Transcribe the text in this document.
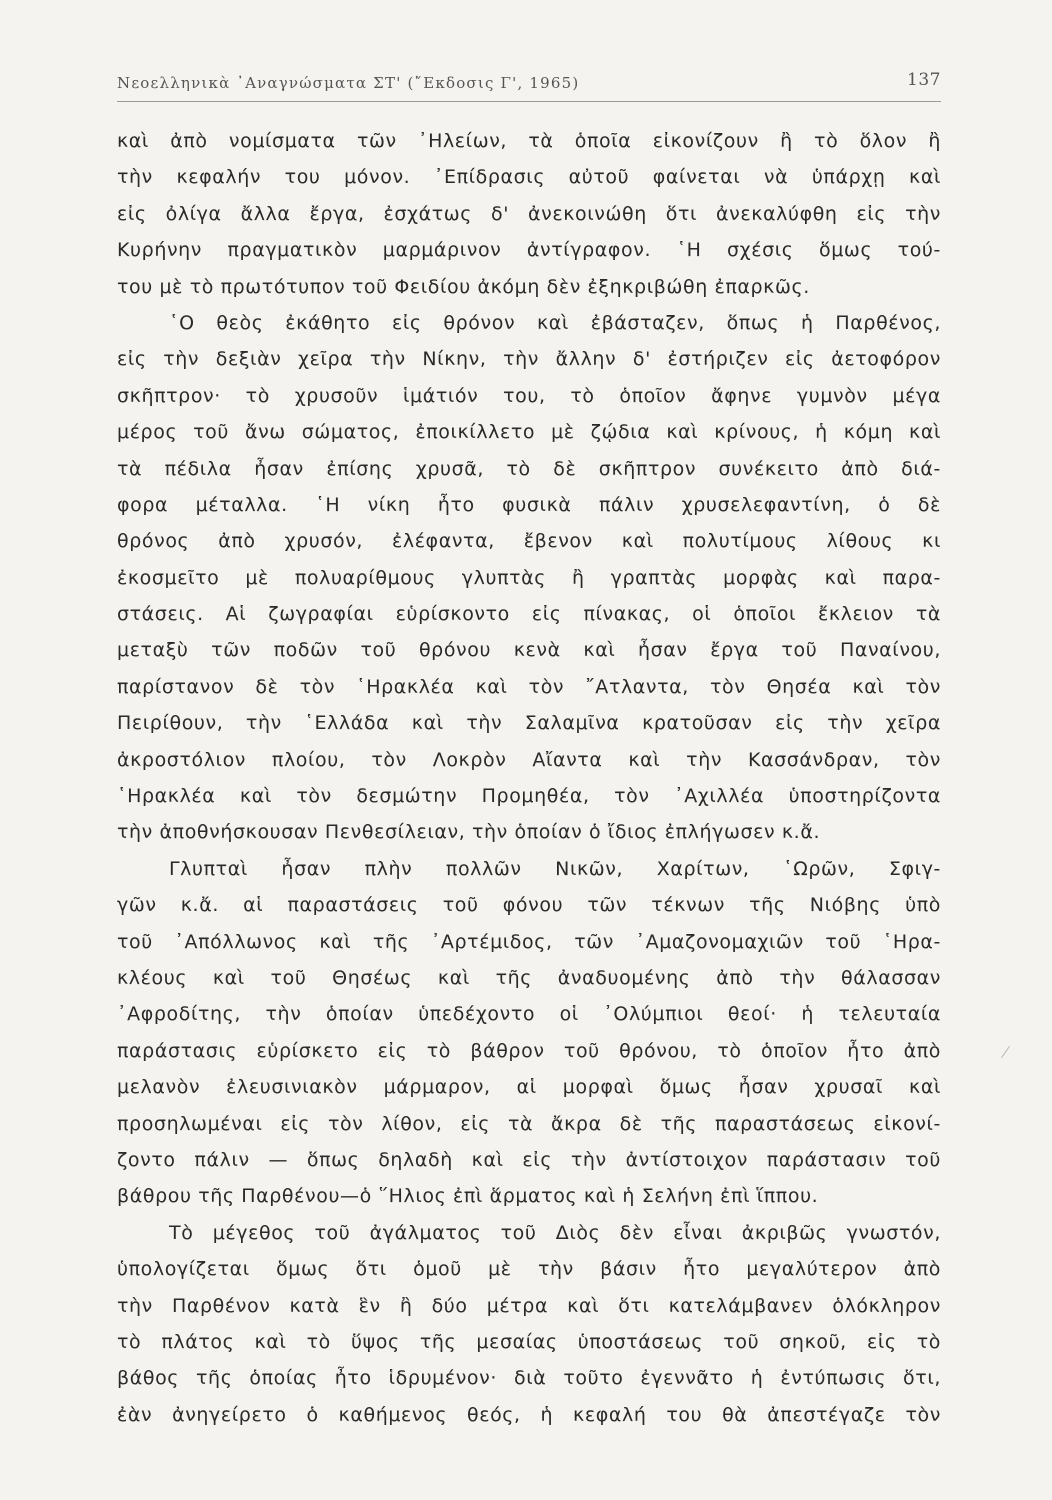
Νεοελληνικὰ ᾿Αναγνώσματα ΣΤ' (῎Εκδοσις Γ', 1965)	137
καὶ ἀπὸ νομίσματα τῶν ᾿Ηλείων, τὰ ὁποῖα εἰκονίζουν ἢ τὸ ὅλον ἢ
τὴν κεφαλήν του μόνον. ᾿Επίδρασις αὐτοῦ φαίνεται νὰ ὑπάρχῃ καὶ
εἰς ὀλίγα ἄλλα ἔργα, ἐσχάτως δ' ἀνεκοινώθη ὅτι ἀνεκαλύφθη εἰς τὴν
Κυρήνην πραγματικὸν μαρμάρινον ἀντίγραφον. ῾Η σχέσις ὅμως τού-
του μὲ τὸ πρωτότυπον τοῦ Φειδίου ἀκόμη δὲν ἐξηκριβώθη ἐπαρκῶς.
῾Ο θεὸς ἐκάθητο εἰς θρόνον καὶ ἐβάσταζεν, ὅπως ἡ Παρθένος,
εἰς τὴν δεξιὰν χεῖρα τὴν Νίκην, τὴν ἄλλην δ' ἐστήριζεν εἰς ἀετοφόρον
σκῆπτρον· τὸ χρυσοῦν ἱμάτιόν του, τὸ ὁποῖον ἄφηνε γυμνὸν μέγα
μέρος τοῦ ἄνω σώματος, ἐποικίλλετο μὲ ζῴδια καὶ κρίνους, ἡ κόμη καὶ
τὰ πέδιλα ἦσαν ἐπίσης χρυσᾶ, τὸ δὲ σκῆπτρον συνέκειτο ἀπὸ διά-
φορα μέταλλα. ῾Η νίκη ἦτο φυσικὰ πάλιν χρυσελεφαντίνη, ὁ δὲ
θρόνος ἀπὸ χρυσόν, ἐλέφαντα, ἔβενον καὶ πολυτίμους λίθους κι
ἐκοσμεῖτο μὲ πολυαρίθμους γλυπτὰς ἢ γραπτὰς μορφὰς καὶ παρα-
στάσεις. Αἱ ζωγραφίαι εὑρίσκοντο εἰς πίνακας, οἱ ὁποῖοι ἔκλειον τὰ
μεταξὺ τῶν ποδῶν τοῦ θρόνου κενὰ καὶ ἦσαν ἔργα τοῦ Παναίνου,
παρίστανον δὲ τὸν ῾Ηρακλέα καὶ τὸν ῎Ατλαντα, τὸν Θησέα καὶ τὸν
Πειρίθουν, τὴν ῾Ελλάδα καὶ τὴν Σαλαμῖνα κρατοῦσαν εἰς τὴν χεῖρα
ἀκροστόλιον πλοίου, τὸν Λοκρὸν Αἴαντα καὶ τὴν Κασσάνδραν, τὸν
῾Ηρακλέα καὶ τὸν δεσμώτην Προμηθέα, τὸν ᾿Αχιλλέα ὑποστηρίζοντα
τὴν ἀποθνήσκουσαν Πενθεσίλειαν, τὴν ὁποίαν ὁ ἴδιος ἐπλήγωσεν κ.ἄ.
Γλυπταὶ ἦσαν πλὴν πολλῶν Νικῶν, Χαρίτων, ῾Ωρῶν, Σφιγ-
γῶν κ.ἄ. αἱ παραστάσεις τοῦ φόνου τῶν τέκνων τῆς Νιόβης ὑπὸ
τοῦ ᾿Απόλλωνος καὶ τῆς ᾿Αρτέμιδος, τῶν ᾿Αμαζονομαχιῶν τοῦ ῾Ηρα-
κλέους καὶ τοῦ Θησέως καὶ τῆς ἀναδυομένης ἀπὸ τὴν θάλασσαν
᾿Αφροδίτης, τὴν ὁποίαν ὑπεδέχοντο οἱ ᾿Ολύμπιοι θεοί· ἡ τελευταία
παράστασις εὑρίσκετο εἰς τὸ βάθρον τοῦ θρόνου, τὸ ὁποῖον ἦτο ἀπὸ
μελανὸν ἐλευσινιακὸν μάρμαρον, αἱ μορφαὶ ὅμως ἦσαν χρυσαῖ καὶ
προσηλωμέναι εἰς τὸν λίθον, εἰς τὰ ἄκρα δὲ τῆς παραστάσεως εἰκονί-
ζοντο πάλιν — ὅπως δηλαδὴ καὶ εἰς τὴν ἀντίστοιχον παράστασιν τοῦ
βάθρου τῆς Παρθένου—ὁ ῞Ηλιος ἐπὶ ἅρματος καὶ ἡ Σελήνη ἐπὶ ἵππου.
Τὸ μέγεθος τοῦ ἀγάλματος τοῦ Διὸς δὲν εἶναι ἀκριβῶς γνωστόν,
ὑπολογίζεται ὅμως ὅτι ὁμοῦ μὲ τὴν βάσιν ἦτο μεγαλύτερον ἀπὸ
τὴν Παρθένον κατὰ ἓν ἢ δύο μέτρα καὶ ὅτι κατελάμβανεν ὁλόκληρον
τὸ πλάτος καὶ τὸ ὕψος τῆς μεσαίας ὑποστάσεως τοῦ σηκοῦ, εἰς τὸ
βάθος τῆς ὁποίας ἦτο ἱδρυμένον· διὰ τοῦτο ἐγεννᾶτο ἡ ἐντύπωσις ὅτι,
ἐὰν ἀνηγείρετο ὁ καθήμενος θεός, ἡ κεφαλή του θὰ ἀπεστέγαζε τὸν
